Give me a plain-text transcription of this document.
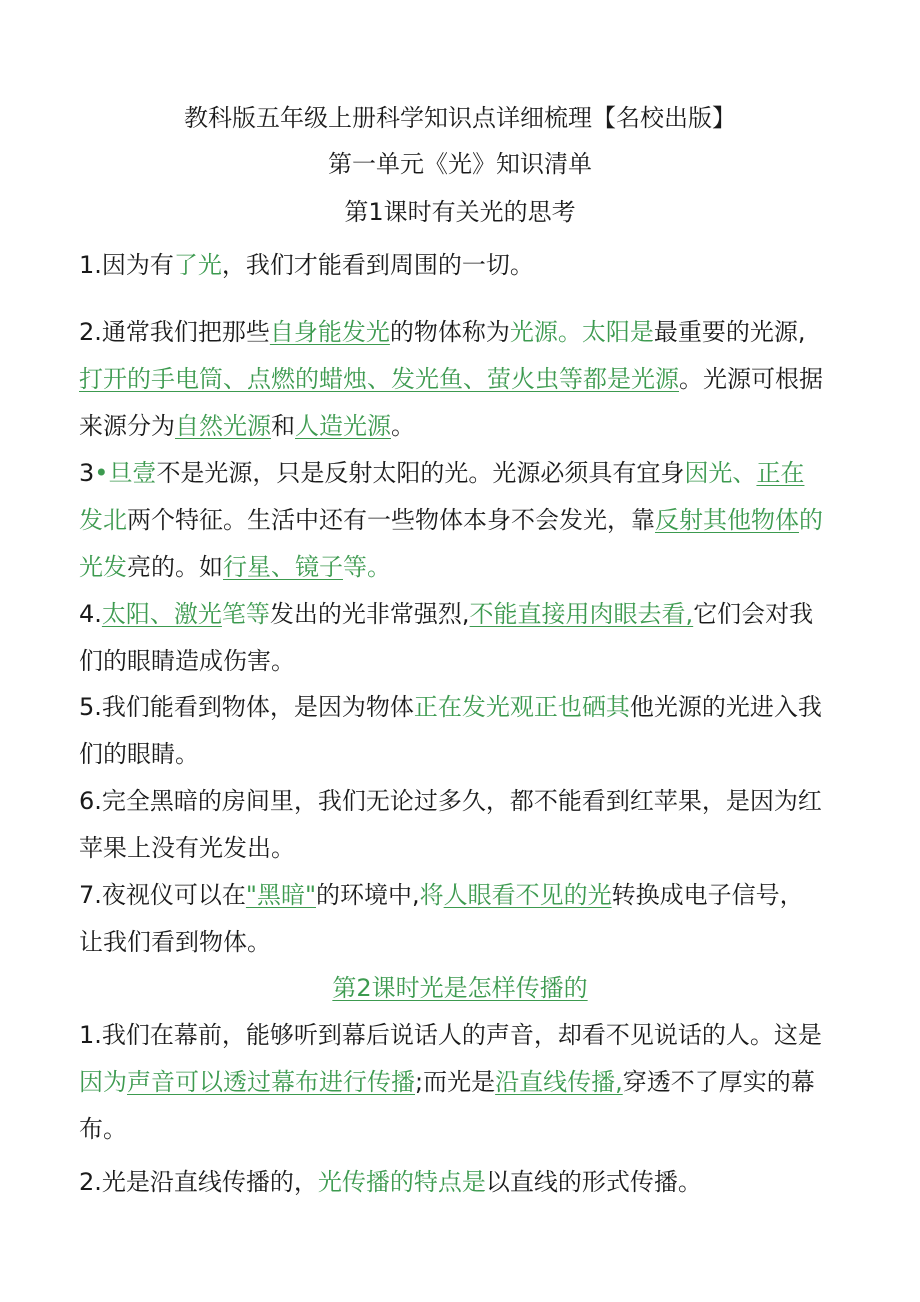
教科版五年级上册科学知识点详细梳理【名校出版】
第一单元《光》知识清单
第1课时有关光的思考
1.因为有了光，我们才能看到周围的一切。
2.通常我们把那些自身能发光的物体称为光源。太阳是最重要的光源,
打开的手电筒、点燃的蜡烛、发光鱼、萤火虫等都是光源。光源可根据
来源分为自然光源和人造光源。
3•旦壹不是光源，只是反射太阳的光。光源必须具有宜身因光、正在
发北两个特征。生活中还有一些物体本身不会发光，靠反射其他物体的
光发亮的。如行星、镜子等。
4.太阳、激光笔等发出的光非常强烈,不能直接用肉眼去看,它们会对我
们的眼睛造成伤害。
5.我们能看到物体，是因为物体正在发光观正也硒其他光源的光进入我
们的眼睛。
6.完全黑暗的房间里，我们无论过多久，都不能看到红苹果，是因为红
苹果上没有光发出。
7.夜视仪可以在"黑暗"的环境中,将人眼看不见的光转换成电子信号，
让我们看到物体。
第2课时光是怎样传播的
1.我们在幕前，能够听到幕后说话人的声音，却看不见说话的人。这是
因为声音可以透过幕布进行传播;而光是沿直线传播,穿透不了厚实的幕
布。
2.光是沿直线传播的，光传播的特点是以直线的形式传播。
